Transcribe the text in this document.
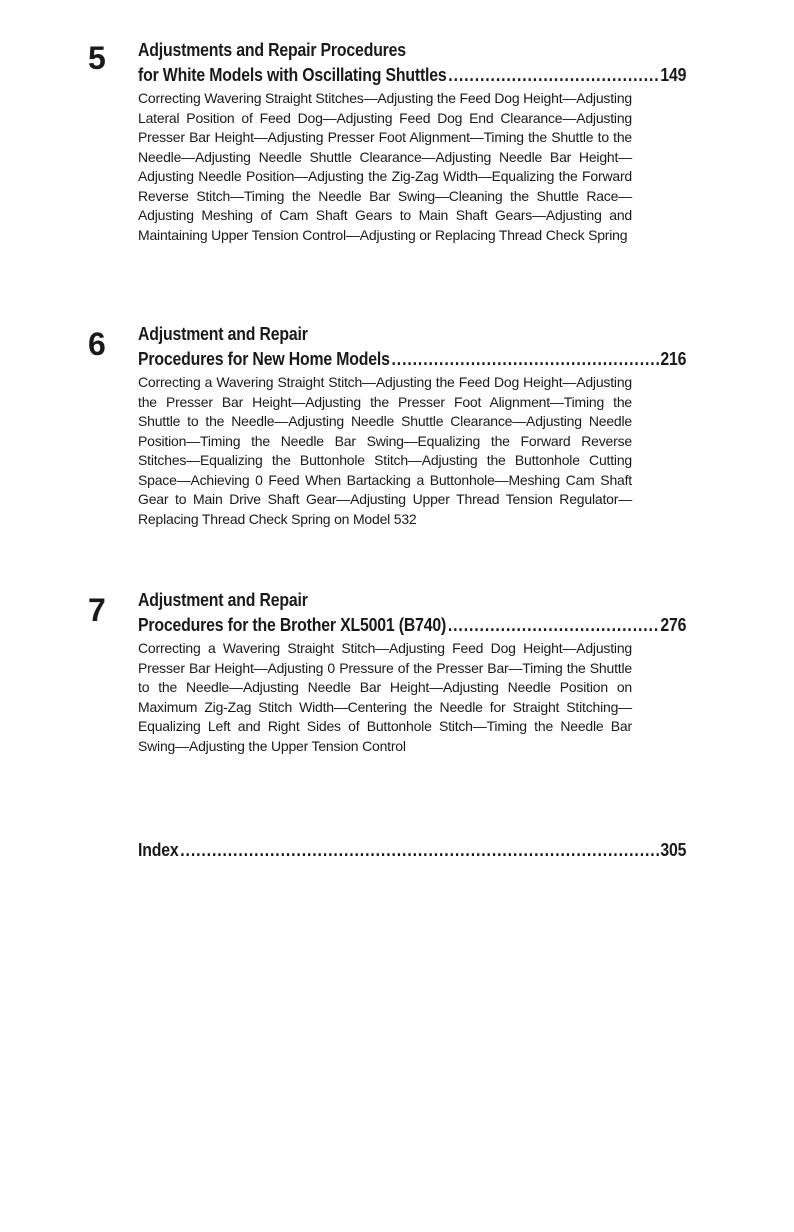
5 Adjustments and Repair Procedures
for White Models with Oscillating Shuttles .....	149
Correcting Wavering Straight Stitches—Adjusting the Feed Dog Height—Adjusting Lateral Position of Feed Dog—Adjusting Feed Dog End Clearance—Adjusting Presser Bar Height—Adjusting Presser Foot Alignment—Timing the Shuttle to the Needle—Adjusting Needle Shuttle Clearance—Adjusting Needle Bar Height—Adjusting Needle Position—Adjusting the Zig-Zag Width—Equalizing the Forward Reverse Stitch—Timing the Needle Bar Swing—Cleaning the Shuttle Race—Adjusting Meshing of Cam Shaft Gears to Main Shaft Gears—Adjusting and Maintaining Upper Tension Control—Adjusting or Replacing Thread Check Spring
6 Adjustment and Repair
Procedures for New Home Models .....	216
Correcting a Wavering Straight Stitch—Adjusting the Feed Dog Height—Adjusting the Presser Bar Height—Adjusting the Presser Foot Alignment—Timing the Shuttle to the Needle—Adjusting Needle Shuttle Clearance—Adjusting Needle Position—Timing the Needle Bar Swing—Equalizing the Forward Reverse Stitches—Equalizing the Buttonhole Stitch—Adjusting the Buttonhole Cutting Space—Achieving 0 Feed When Bartacking a Buttonhole—Meshing Cam Shaft Gear to Main Drive Shaft Gear—Adjusting Upper Thread Tension Regulator—Replacing Thread Check Spring on Model 532
7 Adjustment and Repair
Procedures for the Brother XL5001 (B740) .....	276
Correcting a Wavering Straight Stitch—Adjusting Feed Dog Height—Adjusting Presser Bar Height—Adjusting 0 Pressure of the Presser Bar—Timing the Shuttle to the Needle—Adjusting Needle Bar Height—Adjusting Needle Position on Maximum Zig-Zag Stitch Width—Centering the Needle for Straight Stitching—Equalizing Left and Right Sides of Buttonhole Stitch—Timing the Needle Bar Swing—Adjusting the Upper Tension Control
Index .....	305
